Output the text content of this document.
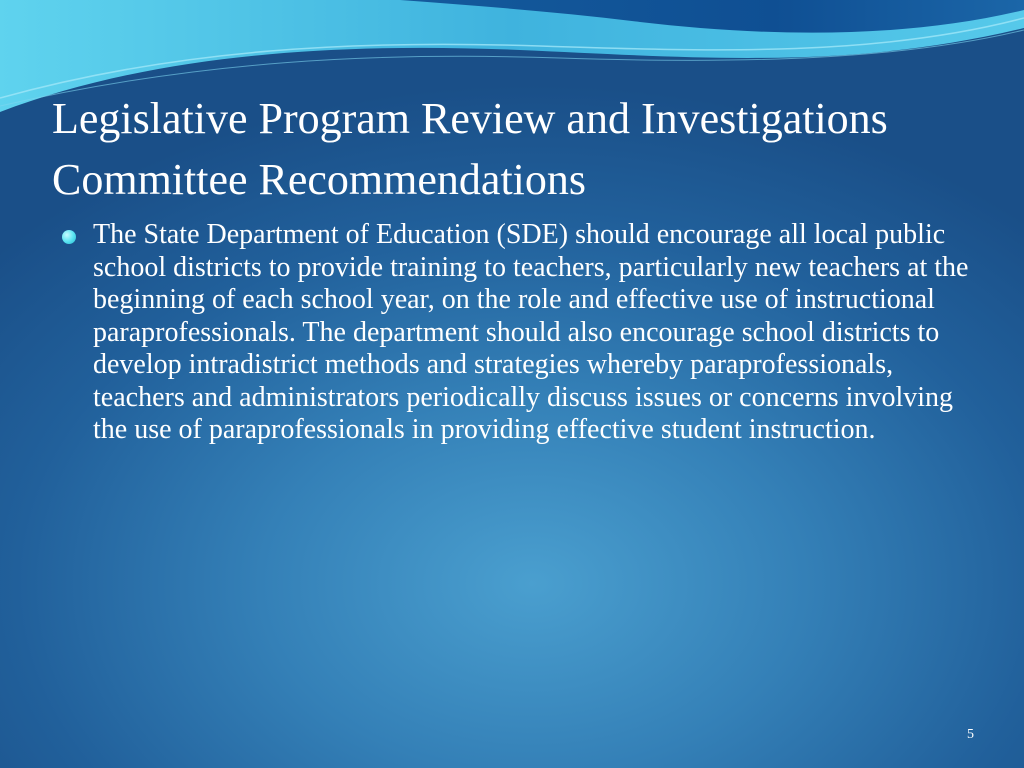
Legislative Program Review and Investigations Committee Recommendations
The State Department of Education (SDE) should encourage all local public school districts to provide training to teachers, particularly new teachers at the beginning of each school year, on the role and effective use of instructional paraprofessionals. The department should also encourage school districts to develop intradistrict methods and strategies whereby paraprofessionals, teachers and administrators periodically discuss issues or concerns involving the use of paraprofessionals in providing effective student instruction.
5
